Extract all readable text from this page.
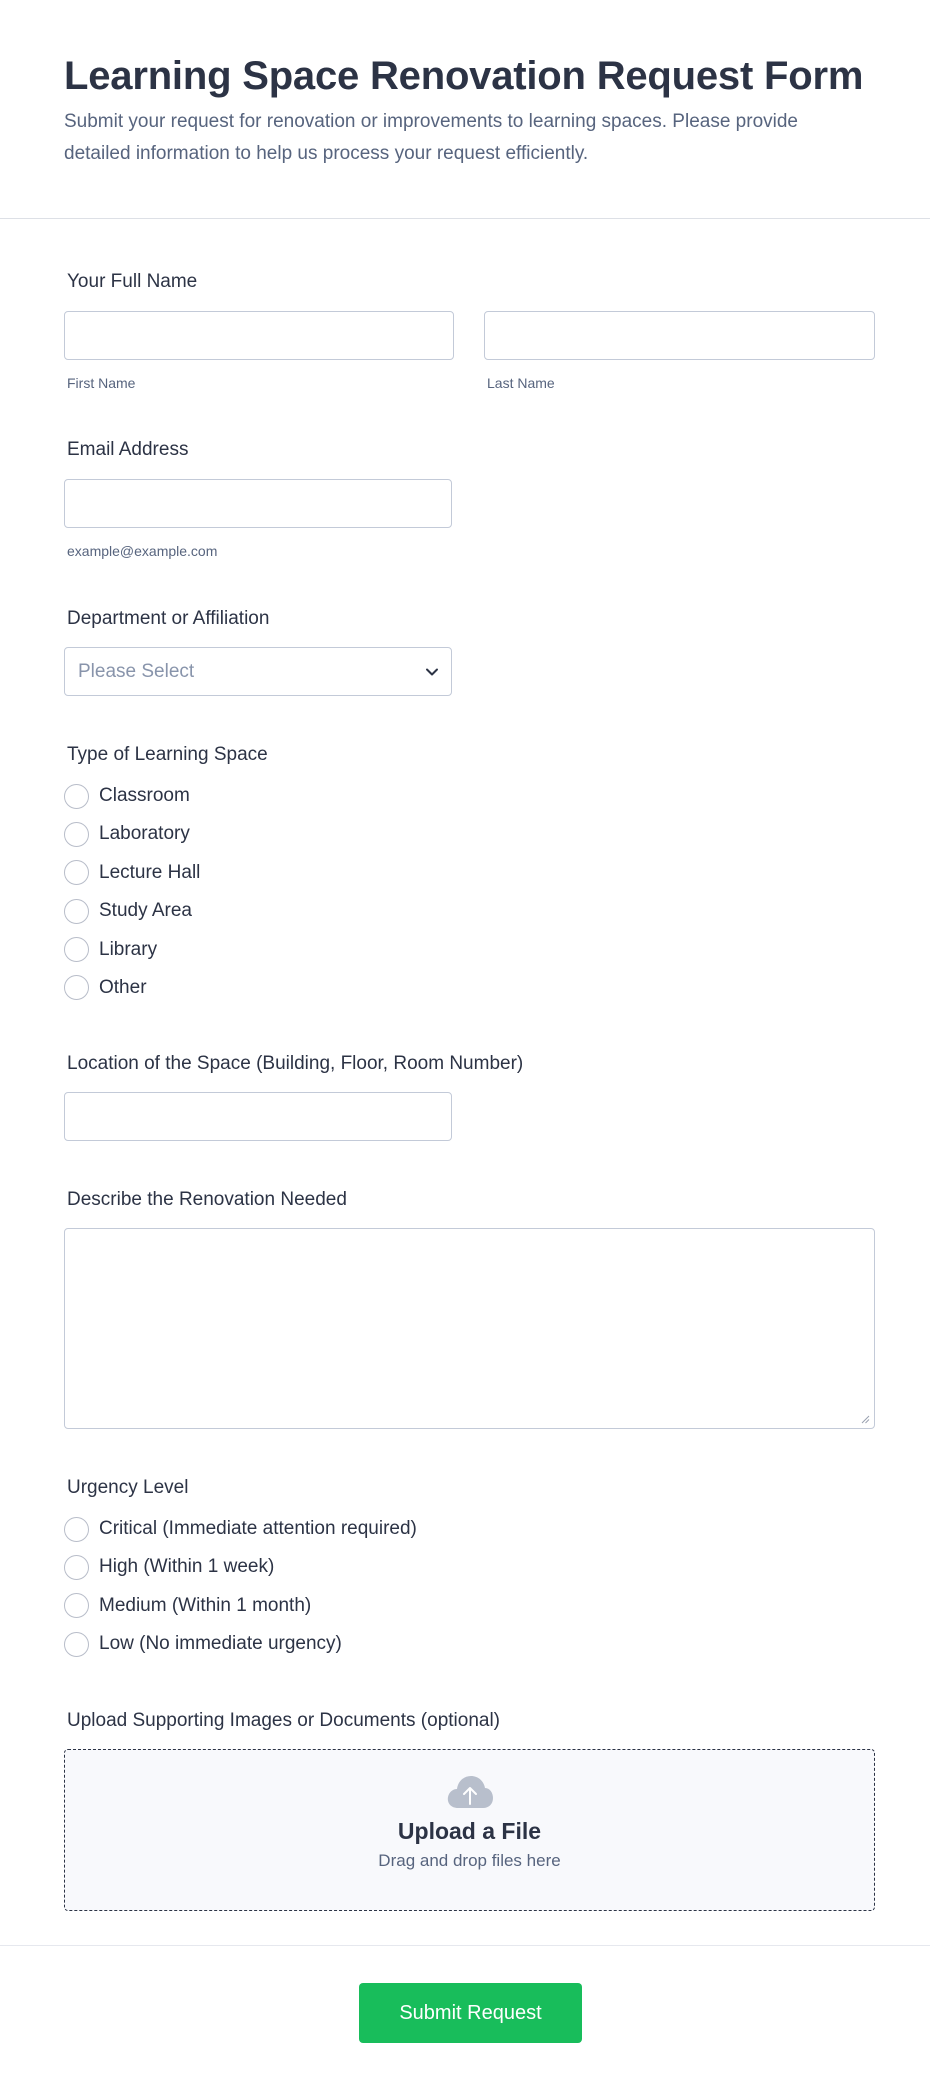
Learning Space Renovation Request Form

Submit your request for renovation or improvements to learning spaces. Please provide detailed information to help us process your request efficiently.

Your Full Name
First Name	Last Name
Email Address
example@example.com
Department or Affiliation
Please Select
Type of Learning Space
Classroom
Laboratory
Lecture Hall
Study Area
Library
Other
Location of the Space (Building, Floor, Room Number)
Describe the Renovation Needed
Urgency Level
Critical (Immediate attention required)
High (Within 1 week)
Medium (Within 1 month)
Low (No immediate urgency)
Upload Supporting Images or Documents (optional)
Upload a File
Drag and drop files here
Submit Request
